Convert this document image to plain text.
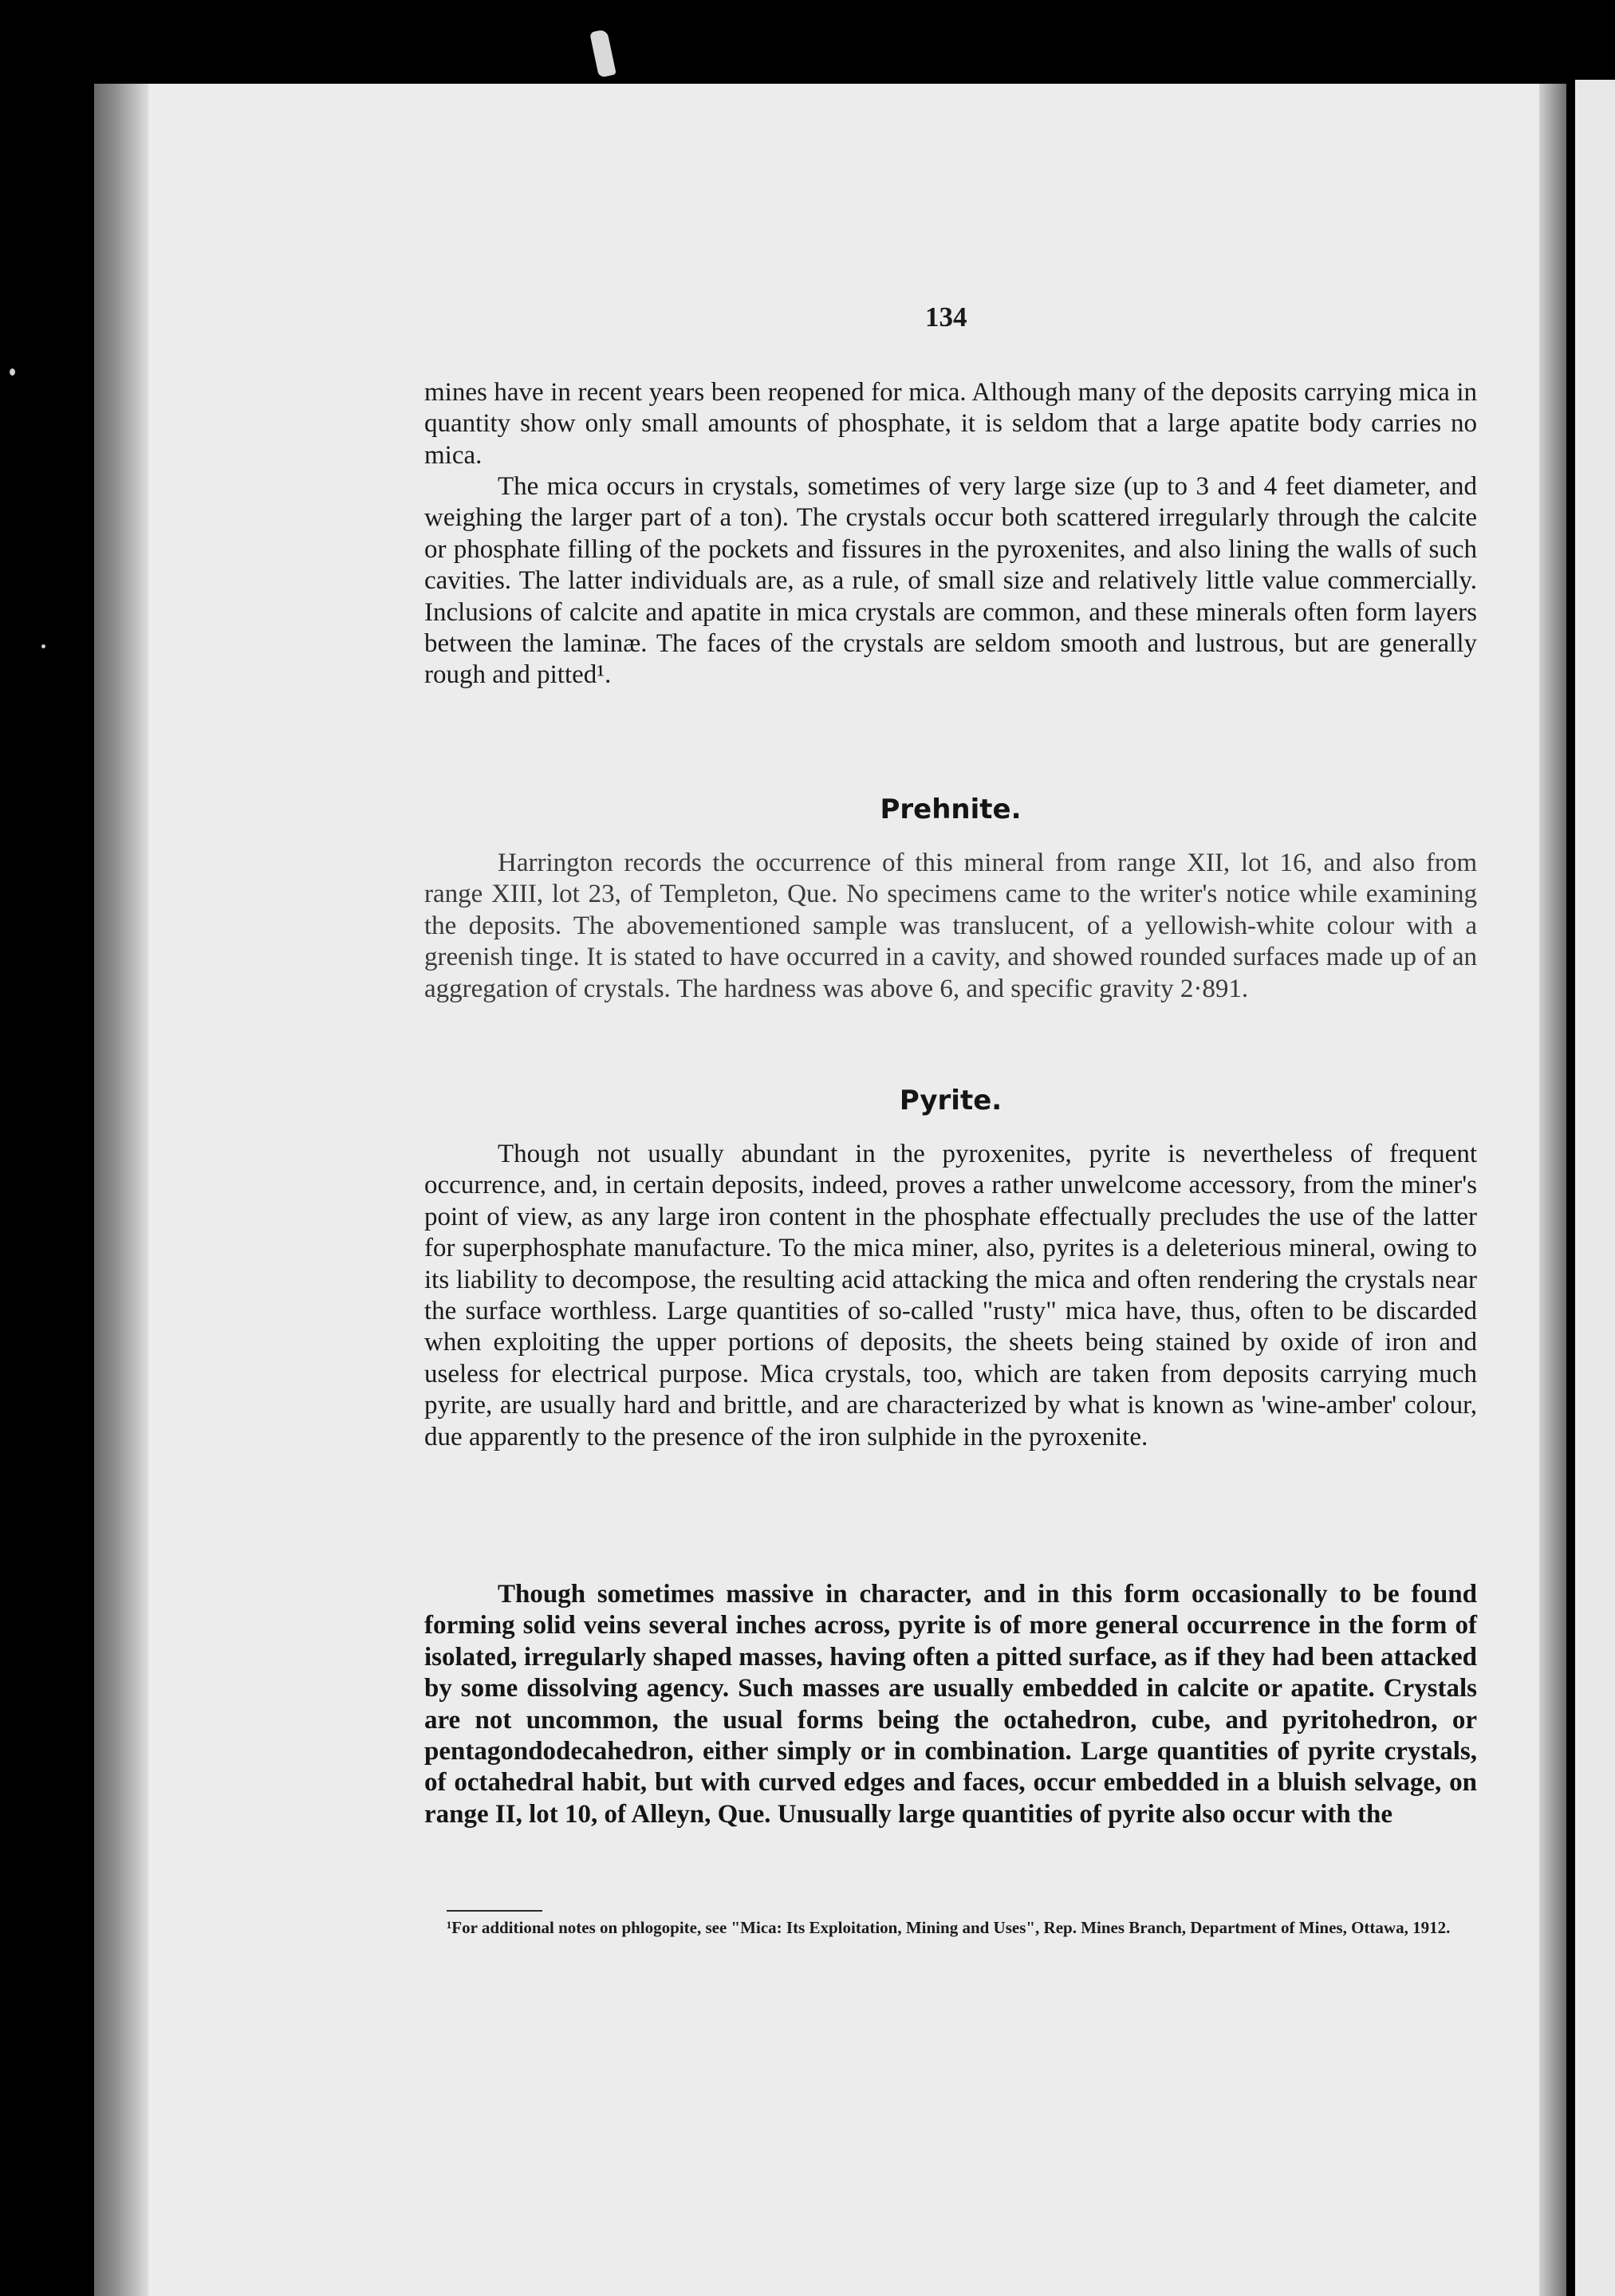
134

mines have in recent years been reopened for mica. Although many of the deposits carrying mica in quantity show only small amounts of phosphate, it is seldom that a large apatite body carries no mica.

The mica occurs in crystals, sometimes of very large size (up to 3 and 4 feet diameter, and weighing the larger part of a ton). The crystals occur both scattered irregularly through the calcite or phosphate filling of the pockets and fissures in the pyroxenites, and also lining the walls of such cavities. The latter individuals are, as a rule, of small size and relatively little value commercially. Inclusions of calcite and apatite in mica crystals are common, and these minerals often form layers between the laminæ. The faces of the crystals are seldom smooth and lustrous, but are generally rough and pitted¹.

Prehnite.

Harrington records the occurrence of this mineral from range XII, lot 16, and also from range XIII, lot 23, of Templeton, Que. No specimens came to the writer's notice while examining the deposits. The abovementioned sample was translucent, of a yellowish-white colour with a greenish tinge. It is stated to have occurred in a cavity, and showed rounded surfaces made up of an aggregation of crystals. The hardness was above 6, and specific gravity 2·891.

Pyrite.

Though not usually abundant in the pyroxenites, pyrite is nevertheless of frequent occurrence, and, in certain deposits, indeed, proves a rather unwelcome accessory, from the miner's point of view, as any large iron content in the phosphate effectually precludes the use of the latter for superphosphate manufacture. To the mica miner, also, pyrites is a deleterious mineral, owing to its liability to decompose, the resulting acid attacking the mica and often rendering the crystals near the surface worthless. Large quantities of so-called "rusty" mica have, thus, often to be discarded when exploiting the upper portions of deposits, the sheets being stained by oxide of iron and useless for electrical purpose. Mica crystals, too, which are taken from deposits carrying much pyrite, are usually hard and brittle, and are characterized by what is known as 'wine-amber' colour, due apparently to the presence of the iron sulphide in the pyroxenite.

Though sometimes massive in character, and in this form occasionally to be found forming solid veins several inches across, pyrite is of more general occurrence in the form of isolated, irregularly shaped masses, having often a pitted surface, as if they had been attacked by some dissolving agency. Such masses are usually embedded in calcite or apatite. Crystals are not uncommon, the usual forms being the octahedron, cube, and pyritohedron, or pentagondodecahedron, either simply or in combination. Large quantities of pyrite crystals, of octahedral habit, but with curved edges and faces, occur embedded in a bluish selvage, on range II, lot 10, of Alleyn, Que. Unusually large quantities of pyrite also occur with the

¹For additional notes on phlogopite, see "Mica: Its Exploitation, Mining and Uses", Rep. Mines Branch, Department of Mines, Ottawa, 1912.
